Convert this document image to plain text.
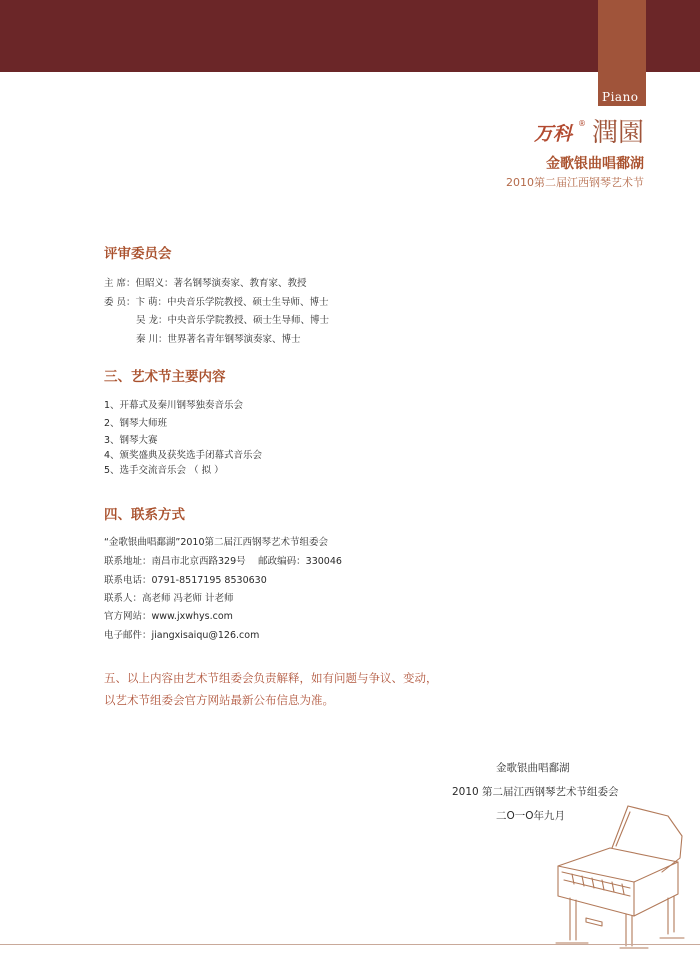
Piano
万科 ® 潤園
金歌银曲唱鄱湖
2010第二届江西钢琴艺术节
评审委员会
主 席：但昭义：著名钢琴演奏家、教育家、教授
委 员：卞 萌：中央音乐学院教授、硕士生导师、博士
吴 龙：中央音乐学院教授、硕士生导师、博士
秦 川：世界著名青年钢琴演奏家、博士
三、艺术节主要内容
1、开幕式及秦川钢琴独奏音乐会
2、钢琴大师班
3、钢琴大赛
4、颁奖盛典及获奖选手闭幕式音乐会
5、选手交流音乐会 （ 拟 ）
四、联系方式
“金歌银曲唱鄱湖”2010第二届江西钢琴艺术节组委会
联系地址：南昌市北京西路329号　 邮政编码：330046
联系电话：0791-8517195 8530630
联系人：高老师 冯老师 计老师
官方网站：www.jxwhys.com
电子邮件：jiangxisaiqu@126.com
五、以上内容由艺术节组委会负责解释，如有问题与争议、变动，
以艺术节组委会官方网站最新公布信息为准。
金歌银曲唱鄱湖
2010 第二届江西钢琴艺术节组委会
二O一O年九月
